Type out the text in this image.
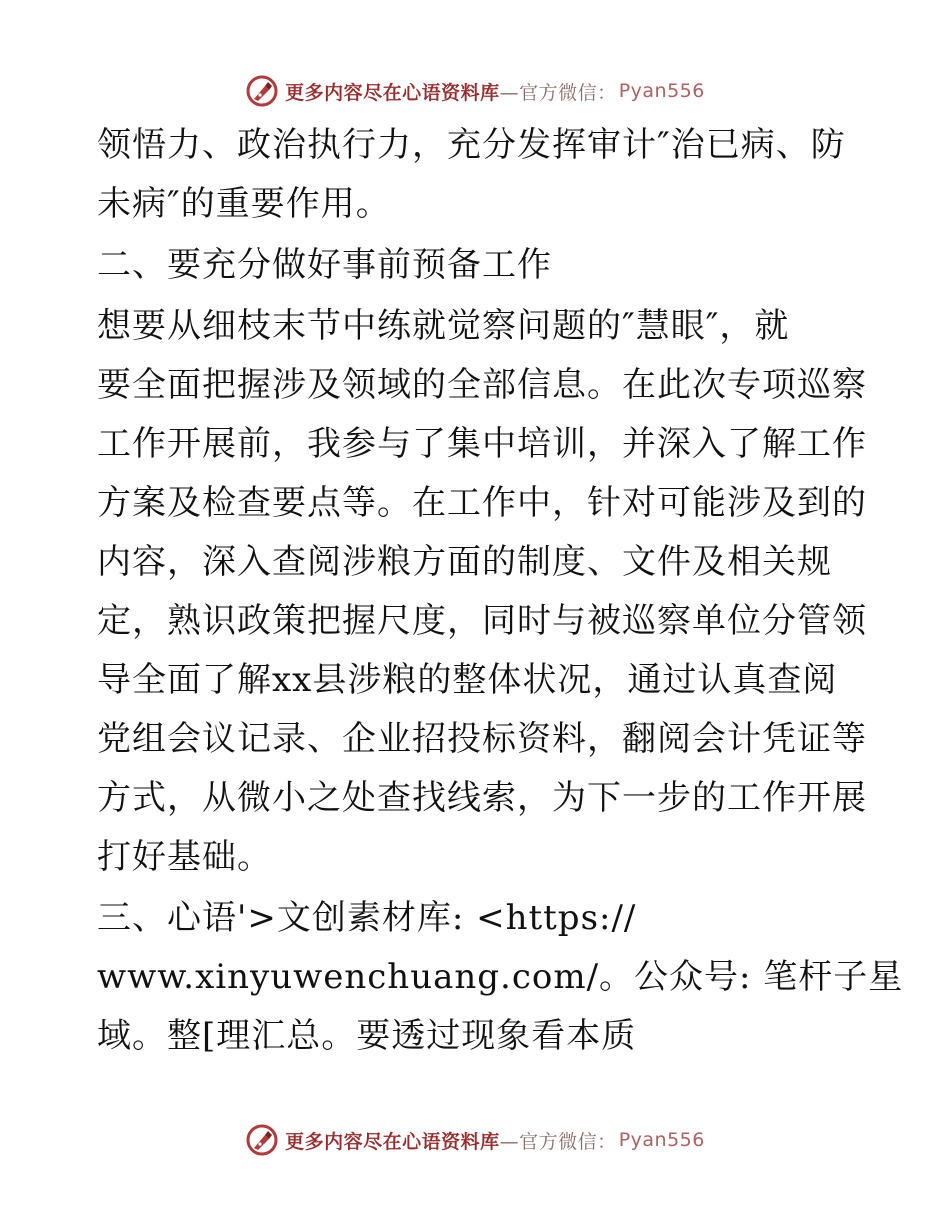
更多内容尽在心语资料库 —官方微信： Pyan556
领悟力、政治执行力，充分发挥审计″治已病、防
未病″的重要作用。
二、要充分做好事前预备工作
想要从细枝末节中练就觉察问题的″慧眼″，就
要全面把握涉及领域的全部信息。在此次专项巡察
工作开展前，我参与了集中培训，并深入了解工作
方案及检查要点等。在工作中，针对可能涉及到的
内容，深入查阅涉粮方面的制度、文件及相关规
定，熟识政策把握尺度，同时与被巡察单位分管领
导全面了解xx县涉粮的整体状况，通过认真查阅
党组会议记录、企业招投标资料，翻阅会计凭证等
方式，从微小之处查找线索，为下一步的工作开展
打好基础。
三、心语'>文创素材库: <https://
www.xinyuwenchuang.com/。公众号: 笔杆子星
域。整[理汇总。要透过现象看本质
更多内容尽在心语资料库 —官方微信： Pyan556
